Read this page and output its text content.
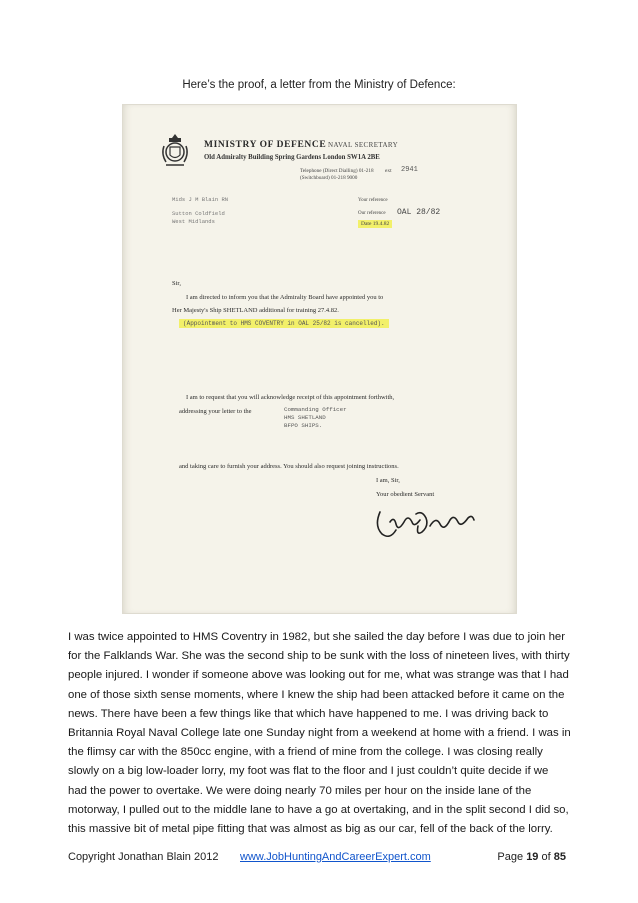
Here’s the proof, a letter from the Ministry of Defence:
MINISTRY OF DEFENCE NAVAL SECRETARY
Old Admiralty Building Spring Gardens London SW1A 2BE
Telephone (Direct Dialling) 01-218
(Switchboard) 01-218 9000
ext 2941
Mids J M Blain RN
Sutton Coldfield
West Midlands
Your reference
Our reference OAL 28/82
Date 19.4.82
Sir,
I am directed to inform you that the Admiralty Board have appointed you to
Her Majesty's Ship SHETLAND additional for training 27.4.82.
(Appointment to HMS COVENTRY in OAL 25/82 is cancelled).
I am to request that you will acknowledge receipt of this appointment forthwith,
addressing your letter to the	Commanding Officer
HMS SHETLAND
BFPO SHIPS.
and taking care to furnish your address. You should also request joining instructions.
I am, Sir,
Your obedient Servant
I was twice appointed to HMS Coventry in 1982, but she sailed the day before I was due to join her
for the Falklands War. She was the second ship to be sunk with the loss of nineteen lives, with thirty
people injured. I wonder if someone above was looking out for me, what was strange was that I had
one of those sixth sense moments, where I knew the ship had been attacked before it came on the
news. There have been a few things like that which have happened to me. I was driving back to
Britannia Royal Naval College late one Sunday night from a weekend at home with a friend. I was in
the flimsy car with the 850cc engine, with a friend of mine from the college. I was closing really
slowly on a big low-loader lorry, my foot was flat to the floor and I just couldn’t quite decide if we
had the power to overtake. We were doing nearly 70 miles per hour on the inside lane of the
motorway, I pulled out to the middle lane to have a go at overtaking, and in the split second I did so,
this massive bit of metal pipe fitting that was almost as big as our car, fell of the back of the lorry.
Copyright Jonathan Blain 2012 www.JobHuntingAndCareerExpert.com	Page 19 of 85
